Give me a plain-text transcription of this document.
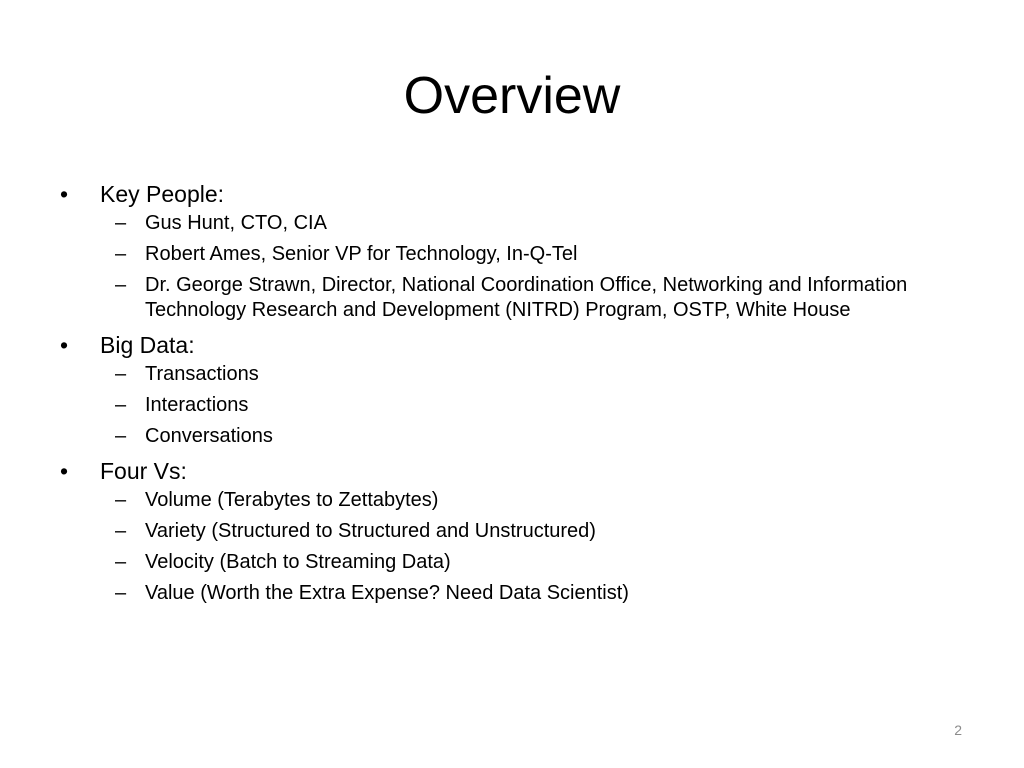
Overview
•	Key People:
– Gus Hunt, CTO, CIA
– Robert Ames, Senior VP for Technology, In-Q-Tel
– Dr. George Strawn, Director, National Coordination Office, Networking and Information Technology Research and Development (NITRD) Program, OSTP, White House
•	Big Data:
– Transactions
– Interactions
– Conversations
•	Four Vs:
– Volume (Terabytes to Zettabytes)
– Variety (Structured to Structured and Unstructured)
– Velocity (Batch to Streaming Data)
– Value (Worth the Extra Expense? Need Data Scientist)
2
